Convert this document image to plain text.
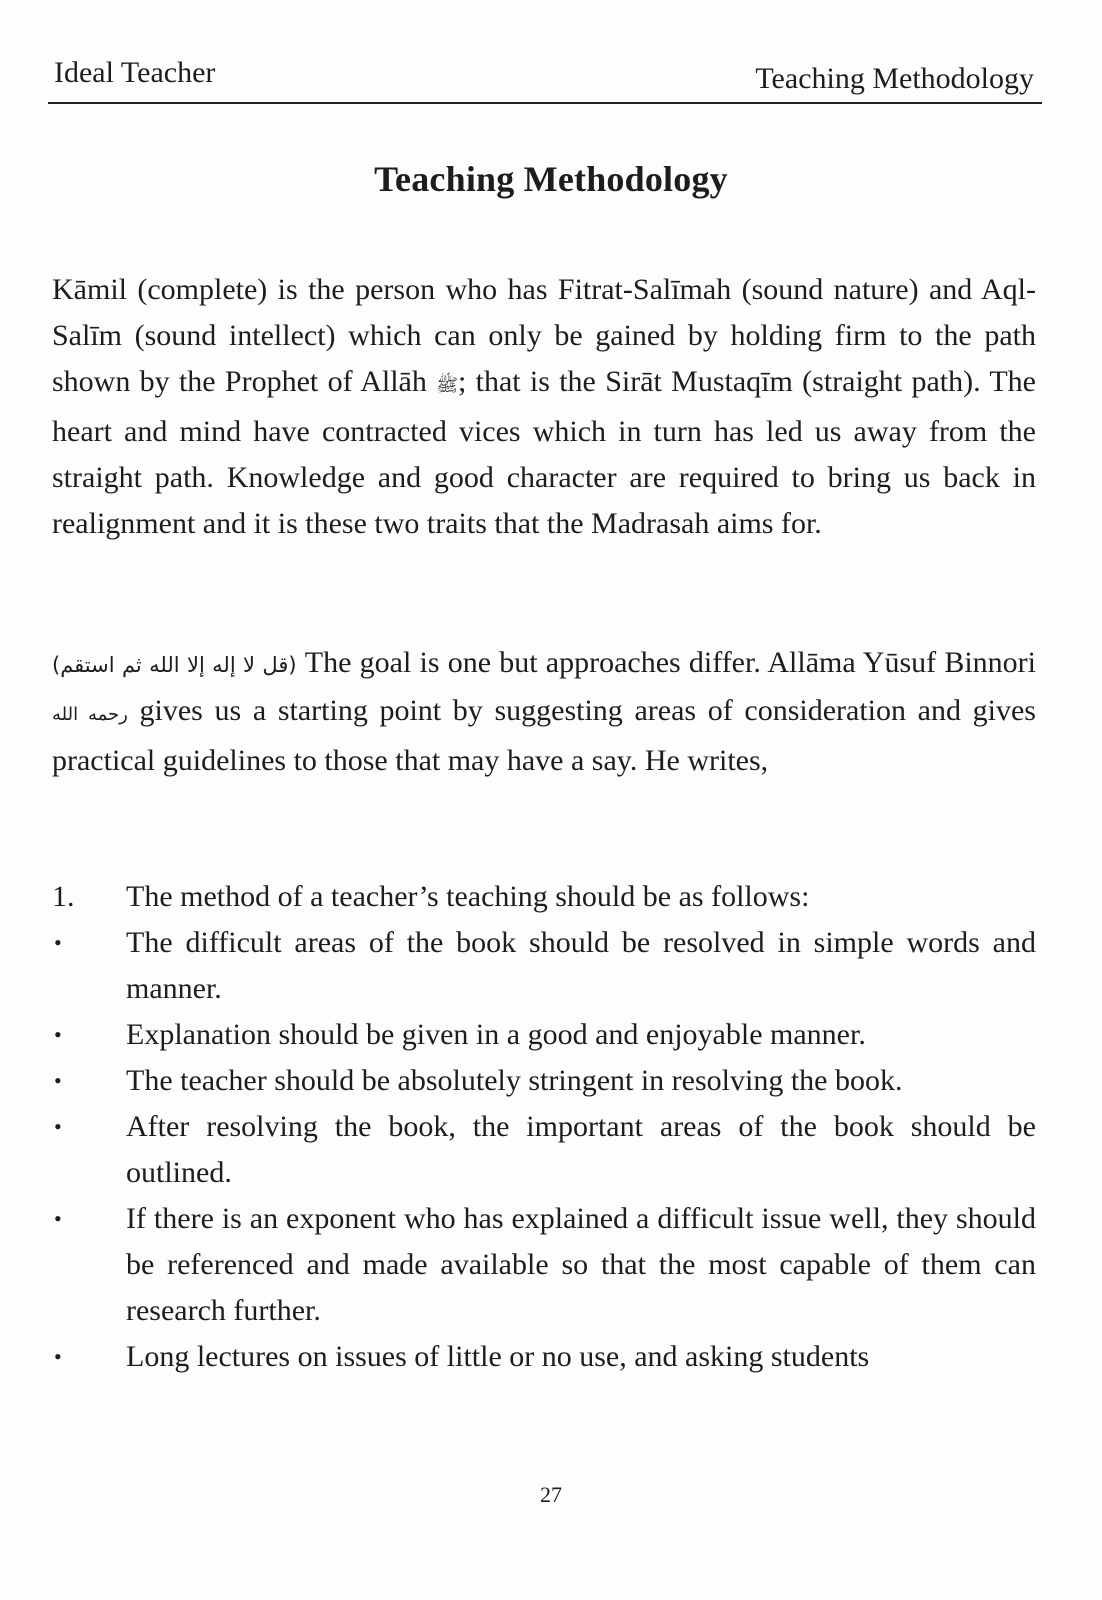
Ideal Teacher	Teaching Methodology
Teaching Methodology

Kāmil (complete) is the person who has Fitrat-Salīmah (sound nature) and Aql-Salīm (sound intellect) which can only be gained by holding firm to the path shown by the Prophet of Allāh ﷺ; that is the Sirāt Mustaqīm (straight path). The heart and mind have contracted vices which in turn has led us away from the straight path. Knowledge and good character are required to bring us back in realignment and it is these two traits that the Madrasah aims for.

(قل لا إله إلا الله ثم استقم) The goal is one but approaches differ. Allāma Yūsuf Binnori رحمه الله gives us a starting point by suggesting areas of consideration and gives practical guidelines to those that may have a say. He writes,

1. The method of a teacher’s teaching should be as follows:
• The difficult areas of the book should be resolved in simple words and manner.
• Explanation should be given in a good and enjoyable manner.
• The teacher should be absolutely stringent in resolving the book.
• After resolving the book, the important areas of the book should be outlined.
• If there is an exponent who has explained a difficult issue well, they should be referenced and made available so that the most capable of them can research further.
• Long lectures on issues of little or no use, and asking students
27
